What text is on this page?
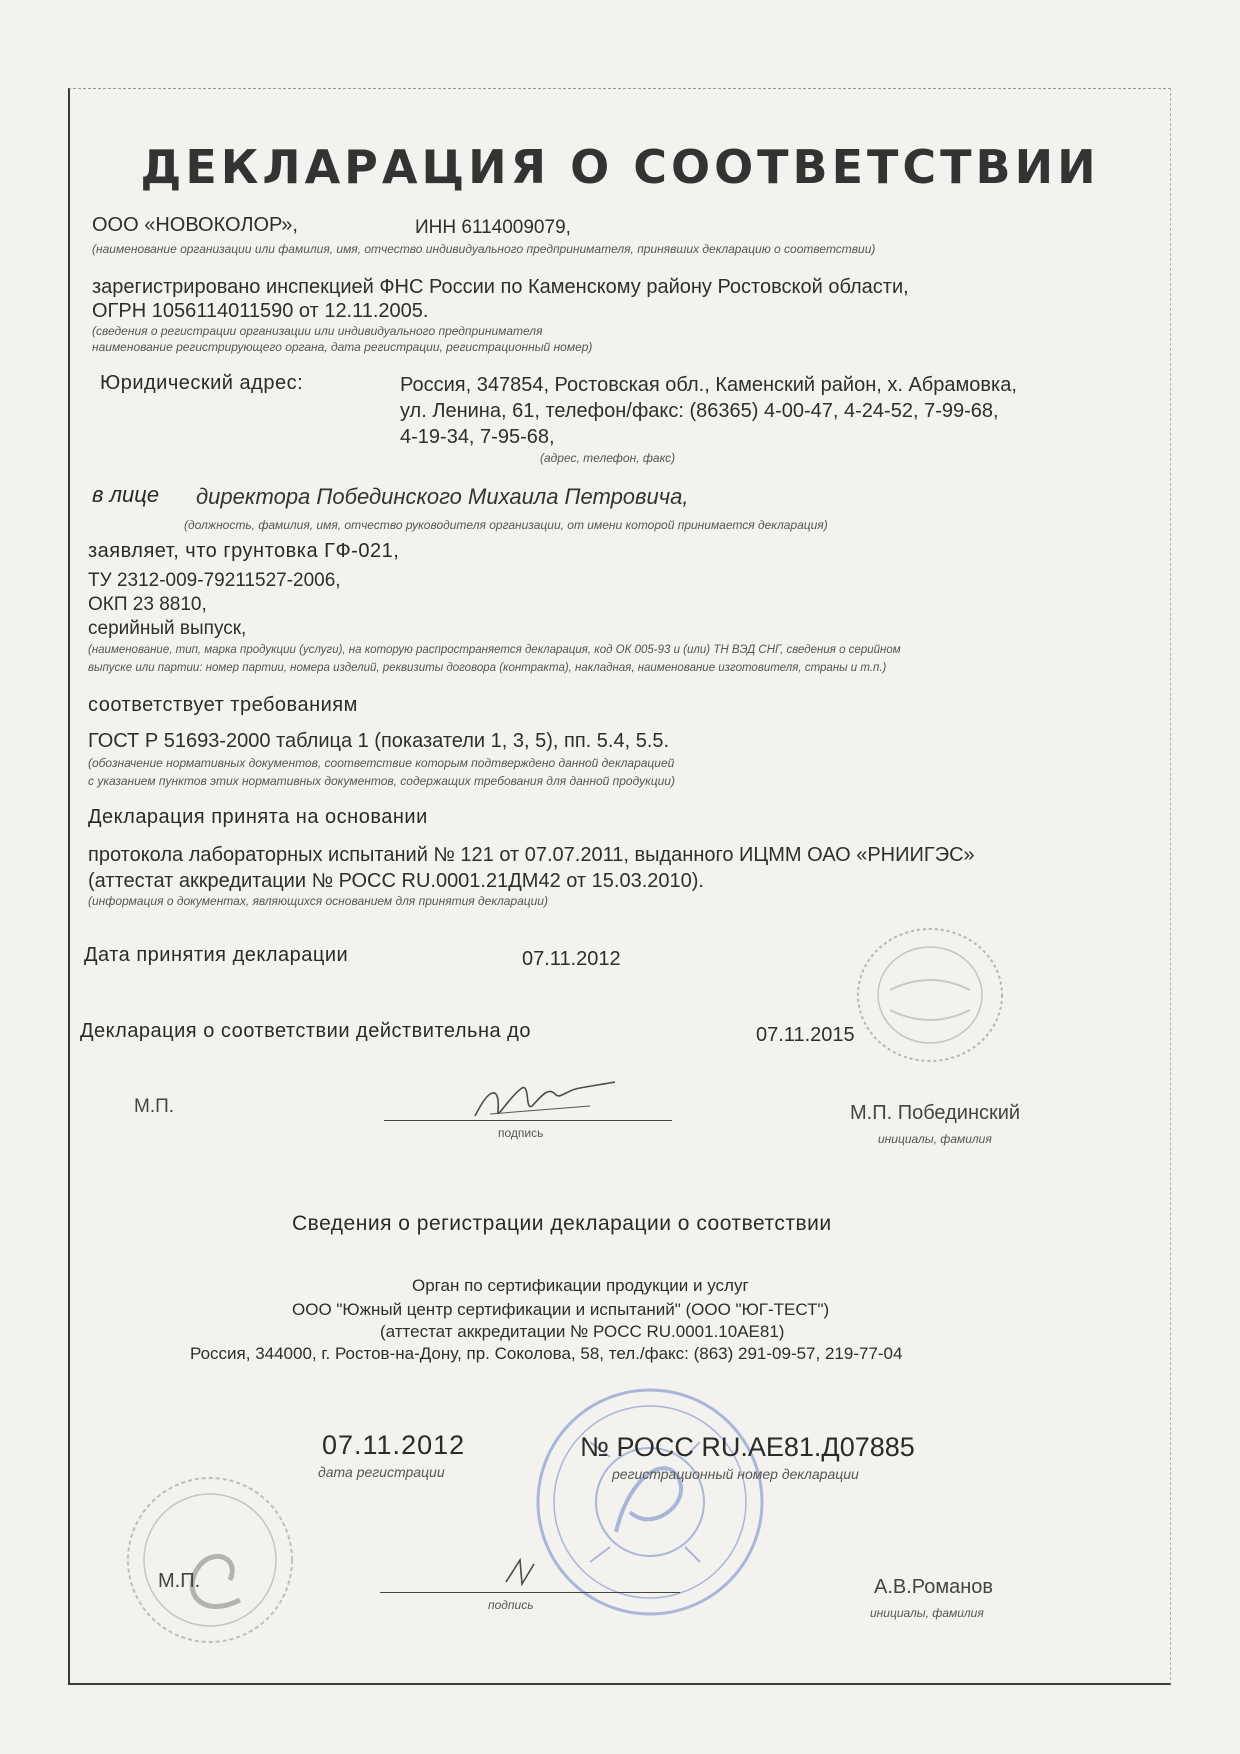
ДЕКЛАРАЦИЯ О СООТВЕТСТВИИ
ООО «НОВОКОЛОР»,	ИНН 6114009079,
(наименование организации или фамилия, имя, отчество индивидуального предпринимателя, принявших декларацию о соответствии)
зарегистрировано инспекцией ФНС России по Каменскому району Ростовской области,
ОГРН 1056114011590 от 12.11.2005.
(сведения о регистрации организации или индивидуального предпринимателя
наименование регистрирующего органа, дата регистрации, регистрационный номер)
Юридический адрес:	Россия, 347854, Ростовская обл., Каменский район, х. Абрамовка,
ул. Ленина, 61, телефон/факс: (86365) 4-00-47, 4-24-52, 7-99-68,
4-19-34, 7-95-68,
(адрес, телефон, факс)
в лице директора Побединского Михаила Петровича,
(должность, фамилия, имя, отчество руководителя организации, от имени которой принимается декларация)
заявляет, что грунтовка ГФ-021,
ТУ 2312-009-79211527-2006,
ОКП 23 8810,
серийный выпуск,
(наименование, тип, марка продукции (услуги), на которую распространяется декларация, код ОК 005-93 и (или) ТН ВЭД СНГ, сведения о серийном
выпуске или партии: номер партии, номера изделий, реквизиты договора (контракта), накладная, наименование изготовителя, страны и т.п.)
соответствует требованиям
ГОСТ Р 51693-2000 таблица 1 (показатели 1, 3, 5), пп. 5.4, 5.5.
(обозначение нормативных документов, соответствие которым подтверждено данной декларацией
с указанием пунктов этих нормативных документов, содержащих требования для данной продукции)
Декларация принята на основании
протокола лабораторных испытаний № 121 от 07.07.2011, выданного ИЦММ ОАО «РНИИГЭС»
(аттестат аккредитации № РОСС RU.0001.21ДМ42 от 15.03.2010).
(информация о документах, являющихся основанием для принятия декларации)
Дата принятия декларации	07.11.2012
Декларация о соответствии действительна до	07.11.2015
М.П.
подпись
М.П. Побединский
инициалы, фамилия
Сведения о регистрации декларации о соответствии
Орган по сертификации продукции и услуг
ООО "Южный центр сертификации и испытаний" (ООО "ЮГ-ТЕСТ")
(аттестат аккредитации № РОСС RU.0001.10АЕ81)
Россия, 344000, г. Ростов-на-Дону, пр. Соколова, 58, тел./факс: (863) 291-09-57, 219-77-04
07.11.2012
дата регистрации
№ РОСС RU.АЕ81.Д07885
регистрационный номер декларации
М.П.
подпись
А.В.Романов
инициалы, фамилия
